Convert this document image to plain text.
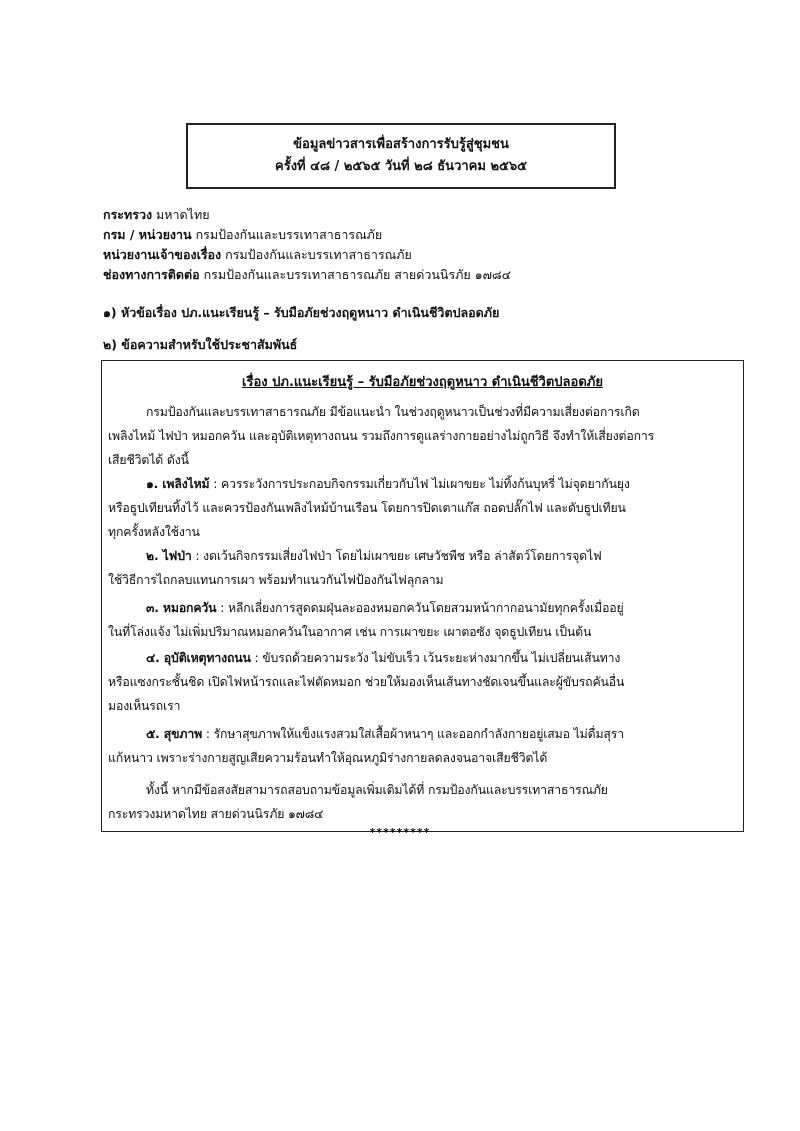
ข้อมูลข่าวสารเพื่อสร้างการรับรู้สู่ชุมชน
ครั้งที่ ๔๘ / ๒๕๖๕ วันที่ ๒๘ ธันวาคม ๒๕๖๕
กระทรวง มหาดไทย
กรม / หน่วยงาน กรมป้องกันและบรรเทาสาธารณภัย
หน่วยงานเจ้าของเรื่อง กรมป้องกันและบรรเทาสาธารณภัย
ช่องทางการติดต่อ กรมป้องกันและบรรเทาสาธารณภัย สายด่วนนิรภัย ๑๗๘๔
๑) หัวข้อเรื่อง ปภ.แนะเรียนรู้ – รับมือภัยช่วงฤดูหนาว ดำเนินชีวิตปลอดภัย
๒) ข้อความสำหรับใช้ประชาสัมพันธ์
เรื่อง ปภ.แนะเรียนรู้ – รับมือภัยช่วงฤดูหนาว ดำเนินชีวิตปลอดภัย
กรมป้องกันและบรรเทาสาธารณภัย มีข้อแนะนำ ในช่วงฤดูหนาวเป็นช่วงที่มีความเสี่ยงต่อการเกิด
เพลิงไหม้ ไฟป่า หมอกควัน และอุบัติเหตุทางถนน รวมถึงการดูแลร่างกายอย่างไม่ถูกวิธี จึงทำให้เสี่ยงต่อการ
เสียชีวิตได้ ดังนี้
๑. เพลิงไหม้ : ควรระวังการประกอบกิจกรรมเกี่ยวกับไฟ ไม่เผาขยะ ไม่ทิ้งก้นบุหรี่ ไม่จุดยากันยุง
หรือธูปเทียนทิ้งไว้ และควรป้องกันเพลิงไหม้บ้านเรือน โดยการปิดเตาแก๊ส ถอดปลั๊กไฟ และดับธูปเทียน
ทุกครั้งหลังใช้งาน
๒. ไฟป่า : งดเว้นกิจกรรมเสี่ยงไฟป่า โดยไม่เผาขยะ เศษวัชพืช หรือ ล่าสัตว์โดยการจุดไฟ
ใช้วิธีการไถกลบแทนการเผา พร้อมทำแนวกันไฟป้องกันไฟลุกลาม
๓. หมอกควัน : หลีกเลี่ยงการสูดดมฝุ่นละอองหมอกควันโดยสวมหน้ากากอนามัยทุกครั้งเมื่ออยู่
ในที่โล่งแจ้ง ไม่เพิ่มปริมาณหมอกควันในอากาศ เช่น การเผาขยะ เผาตอซัง จุดธูปเทียน เป็นต้น
๔. อุบัติเหตุทางถนน : ขับรถด้วยความระวัง ไม่ขับเร็ว เว้นระยะห่างมากขึ้น ไม่เปลี่ยนเส้นทาง
หรือแซงกระชั้นชิด เปิดไฟหน้ารถและไฟตัดหมอก ช่วยให้มองเห็นเส้นทางชัดเจนขึ้นและผู้ขับรถคันอื่น
มองเห็นรถเรา
๕. สุขภาพ : รักษาสุขภาพให้แข็งแรงสวมใส่เสื้อผ้าหนาๆ และออกกำลังกายอยู่เสมอ ไม่ดื่มสุรา
แก้หนาว เพราะร่างกายสูญเสียความร้อนทำให้อุณหภูมิร่างกายลดลงจนอาจเสียชีวิตได้
ทั้งนี้ หากมีข้อสงสัยสามารถสอบถามข้อมูลเพิ่มเติมได้ที่ กรมป้องกันและบรรเทาสาธารณภัย
กระทรวงมหาดไทย สายด่วนนิรภัย ๑๗๘๔
*********
